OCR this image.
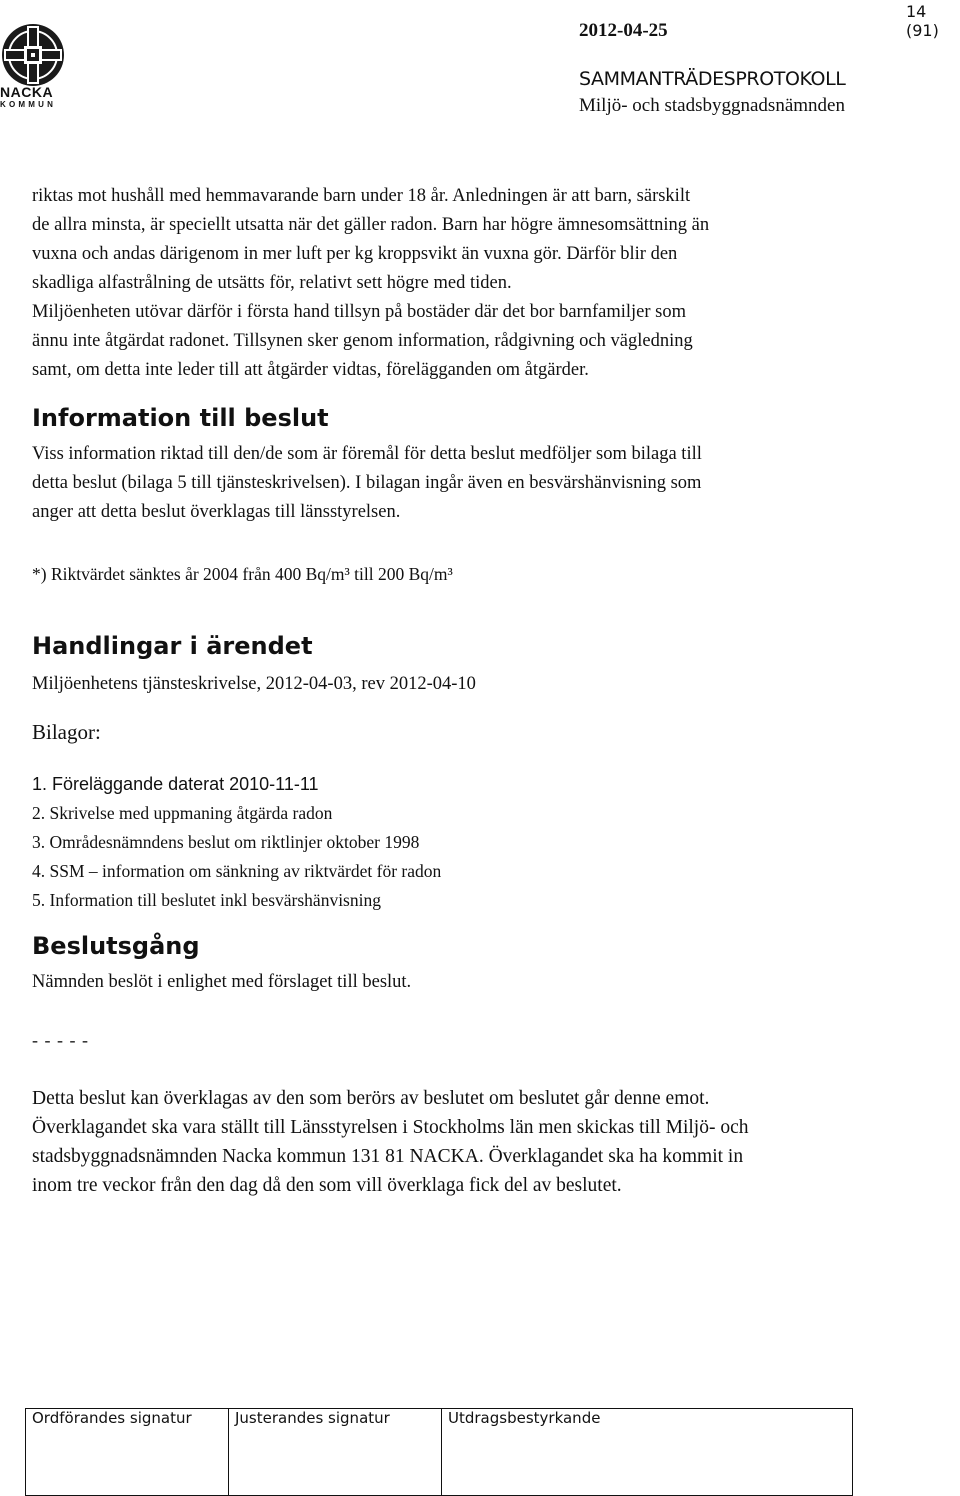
NACKA
KOMMUN
14 (91)
2012-04-25
SAMMANTRÄDESPROTOKOLL
Miljö- och stadsbyggnadsnämnden

riktas mot hushåll med hemmavarande barn under 18 år. Anledningen är att barn, särskilt

de allra minsta, är speciellt utsatta när det gäller radon. Barn har högre ämnesomsättning än

vuxna och andas därigenom in mer luft per kg kroppsvikt än vuxna gör. Därför blir den

skadliga alfastrålning de utsätts för, relativt sett högre med tiden.

Miljöenheten utövar därför i första hand tillsyn på bostäder där det bor barnfamiljer som

ännu inte åtgärdat radonet. Tillsynen sker genom information, rådgivning och vägledning

samt, om detta inte leder till att åtgärder vidtas, förelägganden om åtgärder.

Information till beslut

Viss information riktad till den/de som är föremål för detta beslut medföljer som bilaga till

detta beslut (bilaga 5 till tjänsteskrivelsen). I bilagan ingår även en besvärshänvisning som

anger att detta beslut överklagas till länsstyrelsen.

*) Riktvärdet sänktes år 2004 från 400 Bq/m³ till 200 Bq/m³

Handlingar i ärendet

Miljöenhetens tjänsteskrivelse, 2012-04-03, rev 2012-04-10

Bilagor:

1. Föreläggande daterat 2010-11-11
2. Skrivelse med uppmaning åtgärda radon
3. Områdesnämndens beslut om riktlinjer oktober 1998
4. SSM – information om sänkning av riktvärdet för radon
5. Information till beslutet inkl besvärshänvisning
Beslutsgång

Nämnden beslöt i enlighet med förslaget till beslut.

- - - - -

Detta beslut kan överklagas av den som berörs av beslutet om beslutet går denne emot.

Överklagandet ska vara ställt till Länsstyrelsen i Stockholms län men skickas till Miljö- och

stadsbyggnadsnämnden Nacka kommun 131 81 NACKA. Överklagandet ska ha kommit in

inom tre veckor från den dag då den som vill överklaga fick del av beslutet.

Ordförandes signatur	Justerandes signatur	Utdragsbestyrkande
